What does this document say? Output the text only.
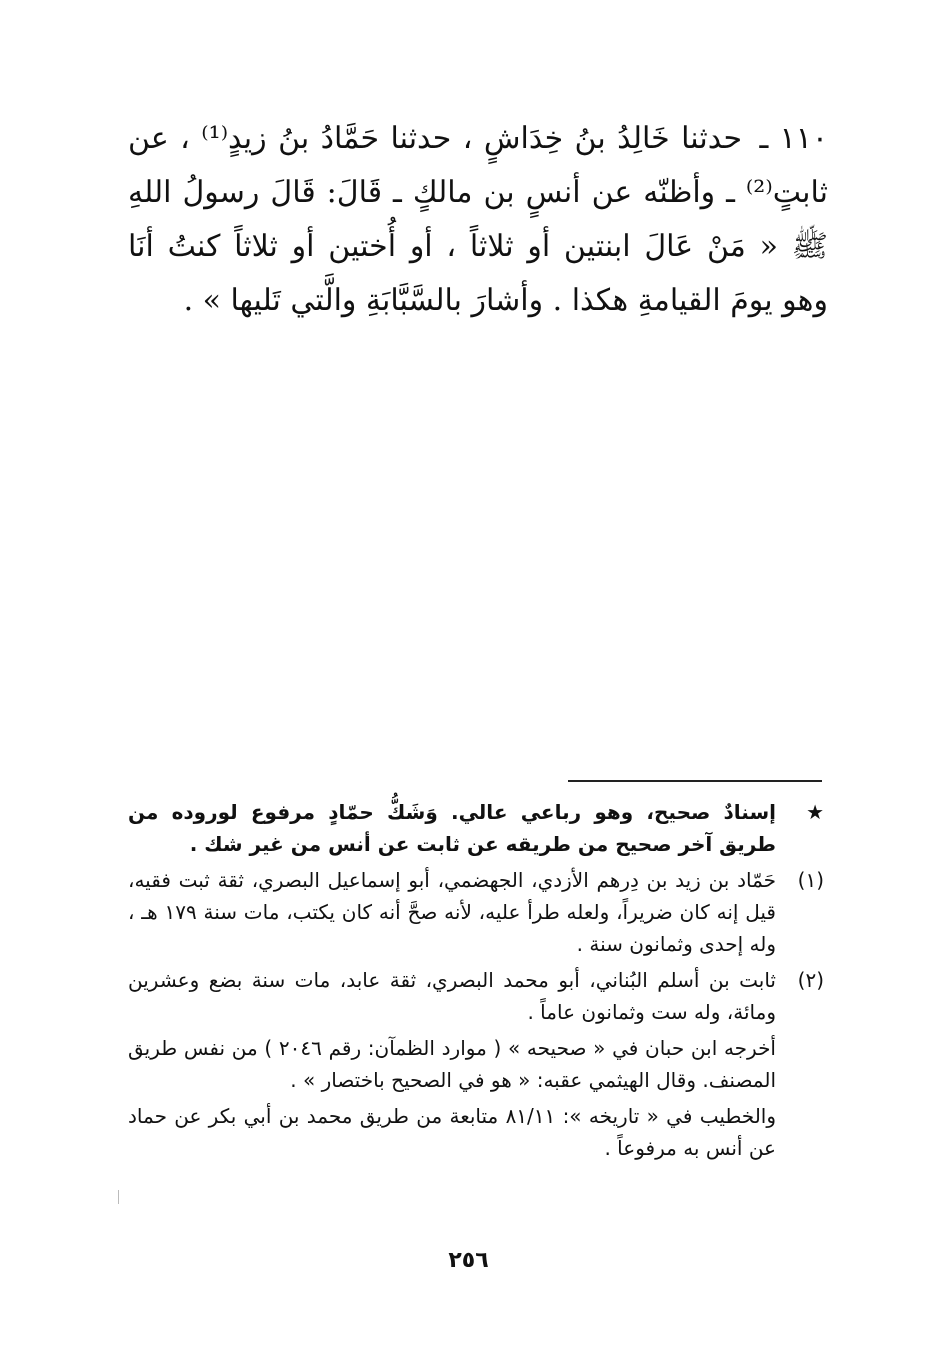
١١٠ ـ حدثنا خَالِدُ بنُ خِدَاشٍ ، حدثنا حَمَّادُ بنُ زيدٍ⁽¹⁾ ، عن ثابتٍ⁽²⁾ ـ وأظنّه عن أنسٍ بن مالكٍ ـ قَالَ: قَالَ رسولُ اللهِ ﷺ « مَنْ عَالَ ابنتين أو ثلاثاً ، أو أُختين أو ثلاثاً كنتُ أنَا وهو يومَ القيامةِ هكذا . وأشارَ بالسَّبَّابَةِ والَّتي تَليها » .
★
إسنادٌ صحيح، وهو رباعي عالي. وَشَكُّ حمّادٍ مرفوع لوروده من طريق آخر صحيح من طريقه عن ثابت عن أنس من غير شك .
(١)
حَمّاد بن زيد بن دِرهم الأزدي، الجهضمي، أبو إسماعيل البصري، ثقة ثبت فقيه، قيل إنه كان ضريراً، ولعله طرأ عليه، لأنه صحَّ أنه كان يكتب، مات سنة ١٧٩ هـ ، وله إحدى وثمانون سنة .
(٢)
ثابت بن أسلم البُناني، أبو محمد البصري، ثقة عابد، مات سنة بضع وعشرين ومائة، وله ست وثمانون عاماً .
أخرجه ابن حبان في « صحيحه » ( موارد الظمآن: رقم ٢٠٤٦ ) من نفس طريق المصنف. وقال الهيثمي عقبه: « هو في الصحيح باختصار » .
والخطيب في « تاريخه »: ٨١/١١ متابعة من طريق محمد بن أبي بكر عن حماد عن أنس به مرفوعاً .
٢٥٦
